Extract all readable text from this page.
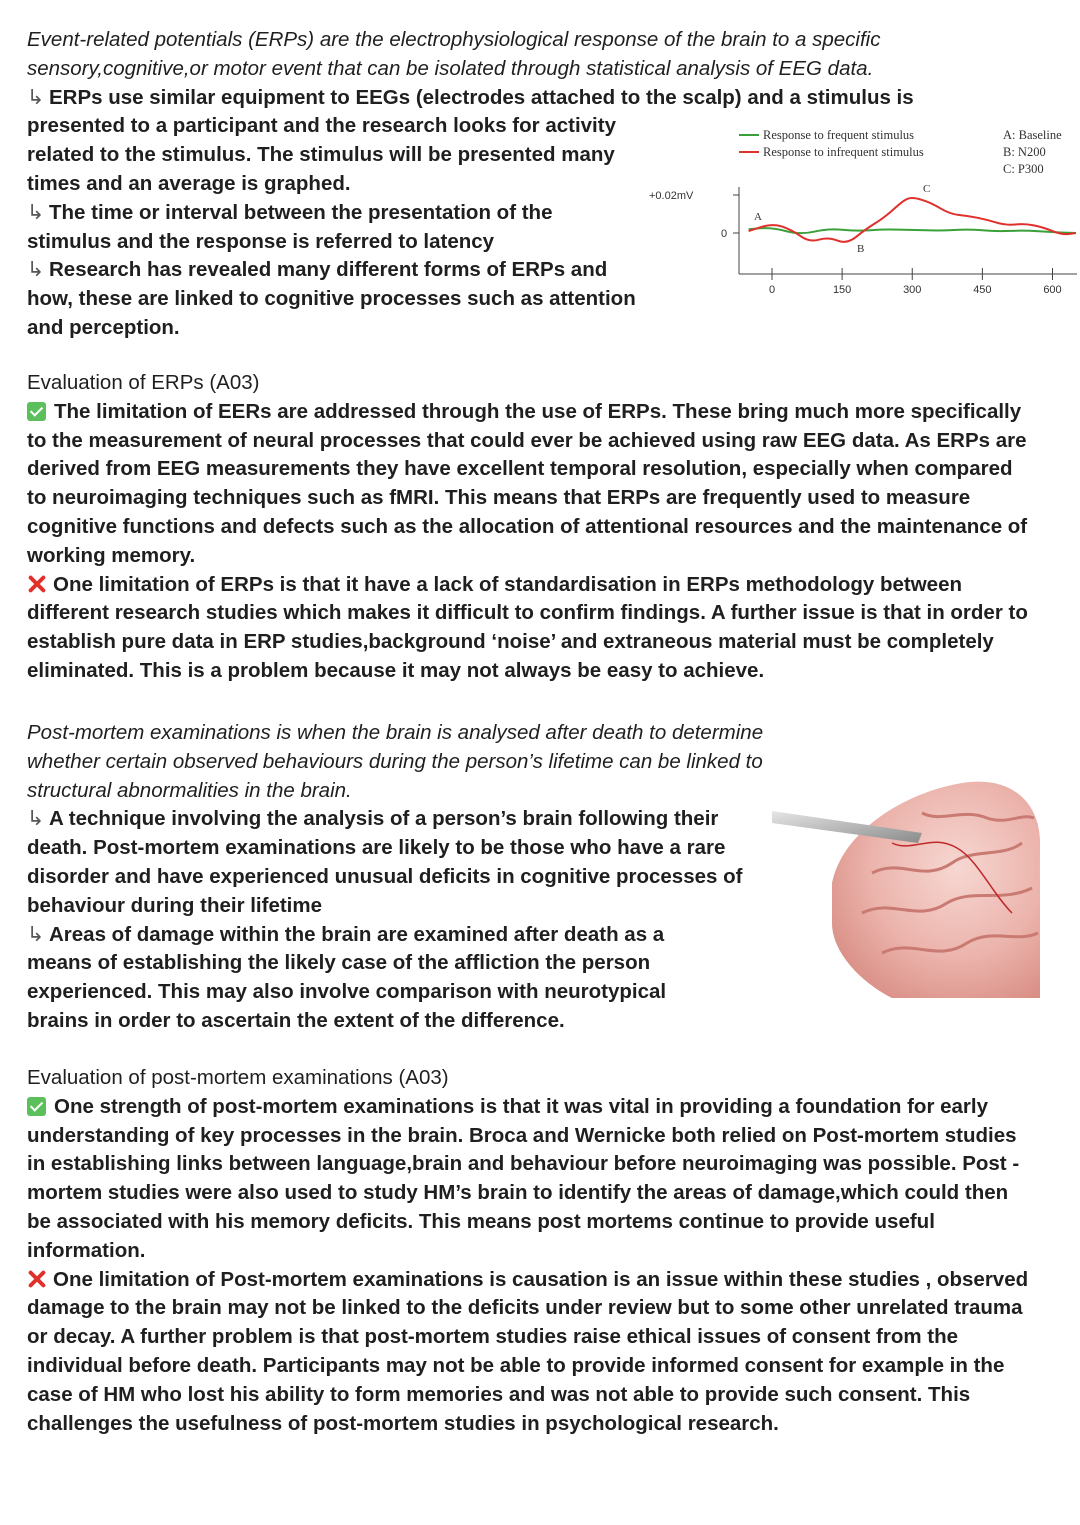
Event-related potentials (ERPs) are the electrophysiological response of the brain to a specific sensory,cognitive,or motor event that can be isolated through statistical analysis of EEG data.

↳ ERPs use similar equipment to EEGs (electrodes attached to the scalp) and a stimulus is

presented to a participant and the research looks for activity related to the stimulus. The stimulus will be presented many times and an average is graphed.

↳ The time or interval between the presentation of the stimulus and the response is referred to latency

↳ Research has revealed many different forms of ERPs and how, these are linked to cognitive processes such as attention and perception.

Response to frequent stimulus
Response to infrequent stimulus
A: Baseline
B: N200
C: P300
+0.02mV
0
0	150	300	450	600
A
B
C

Evaluation of ERPs (A03)

The limitation of EERs are addressed through the use of ERPs. These bring much more specifically to the measurement of neural processes that could ever be achieved using raw EEG data. As ERPs are derived from EEG measurements they have excellent temporal resolution, especially when compared to neuroimaging techniques such as fMRI. This means that ERPs are frequently used to measure cognitive functions and defects such as the allocation of attentional resources and the maintenance of working memory.

One limitation of ERPs is that it have a lack of standardisation in ERPs methodology between different research studies which makes it difficult to confirm findings. A further issue is that in order to establish pure data in ERP studies,background ‘noise’ and extraneous material must be completely eliminated. This is a problem because it may not always be easy to achieve.

Post-mortem examinations is when the brain is analysed after death to determine whether certain observed behaviours during the person’s lifetime can be linked to structural abnormalities in the brain.

↳ A technique involving the analysis of a person’s brain following their death. Post-mortem examinations are likely to be those who have a rare disorder and have experienced unusual deficits in cognitive processes of behaviour during their lifetime

↳ Areas of damage within the brain are examined after death as a means of establishing the likely case of the affliction the person experienced. This may also involve comparison with neurotypical brains in order to ascertain the extent of the difference.

Evaluation of post-mortem examinations (A03)

One strength of post-mortem examinations is that it was vital in providing a foundation for early understanding of key processes in the brain. Broca and Wernicke both relied on Post-mortem studies in establishing links between language,brain and behaviour before neuroimaging was possible. Post -mortem studies were also used to study HM’s brain to identify the areas of damage,which could then be associated with his memory deficits. This means post mortems continue to provide useful information.

One limitation of Post-mortem examinations is causation is an issue within these studies , observed damage to the brain may not be linked to the deficits under review but to some other unrelated trauma or decay. A further problem is that post-mortem studies raise ethical issues of consent from the individual before death. Participants may not be able to provide informed consent for example in the case of HM who lost his ability to form memories and was not able to provide such consent. This challenges the usefulness of post-mortem studies in psychological research.
